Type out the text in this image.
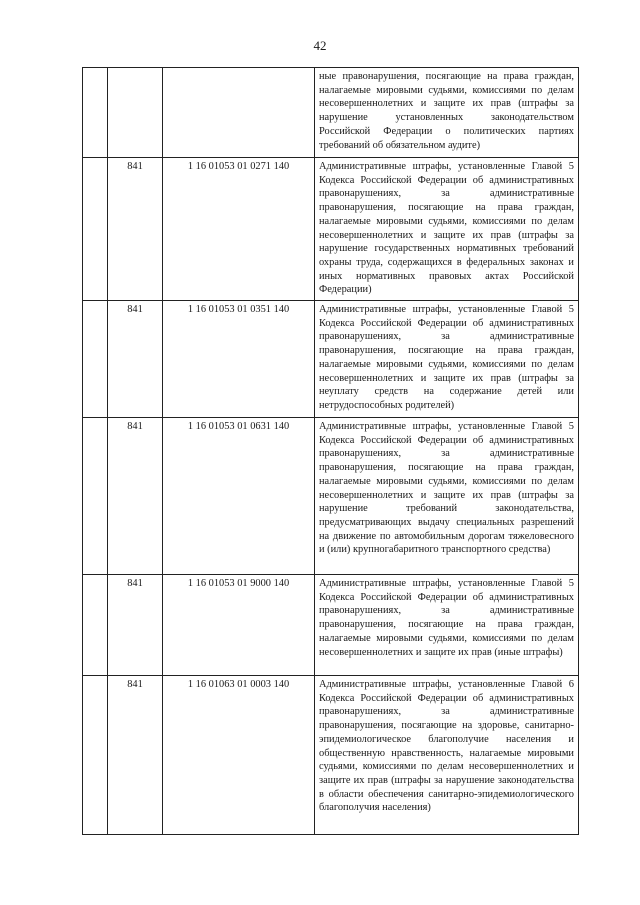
42
			ные правонарушения, посягающие на права граждан, налагаемые мировыми судьями, комиссиями по делам несовершеннолетних и защите их прав (штрафы за нарушение установленных законодательством Российской Федерации о политических партиях требований об обязательном аудите)
	841	1 16 01053 01 0271 140	Административные штрафы, установленные Главой 5 Кодекса Российской Федерации об административных правонарушениях, за административные правонарушения, посягающие на права граждан, налагаемые мировыми судьями, комиссиями по делам несовершеннолетних и защите их прав (штрафы за нарушение государственных нормативных требований охраны труда, содержащихся в федеральных законах и иных нормативных правовых актах Российской Федерации)
	841	1 16 01053 01 0351 140	Административные штрафы, установленные Главой 5 Кодекса Российской Федерации об административных правонарушениях, за административные правонарушения, посягающие на права граждан, налагаемые мировыми судьями, комиссиями по делам несовершеннолетних и защите их прав (штрафы за неуплату средств на содержание детей или нетрудоспособных родителей)
	841	1 16 01053 01 0631 140	Административные штрафы, установленные Главой 5 Кодекса Российской Федерации об административных правонарушениях, за административные правонарушения, посягающие на права граждан, налагаемые мировыми судьями, комиссиями по делам несовершеннолетних и защите их прав (штрафы за нарушение требований законодательства, предусматривающих выдачу специальных разрешений на движение по автомобильным дорогам тяжеловесного и (или) крупногабаритного транспортного средства)
	841	1 16 01053 01 9000 140	Административные штрафы, установленные Главой 5 Кодекса Российской Федерации об административных правонарушениях, за административные правонарушения, посягающие на права граждан, налагаемые мировыми судьями, комиссиями по делам несовершеннолетних и защите их прав (иные штрафы)
	841	1 16 01063 01 0003 140	Административные штрафы, установленные Главой 6 Кодекса Российской Федерации об административных правонарушениях, за административные правонарушения, посягающие на здоровье, санитарно-эпидемиологическое благополучие населения и общественную нравственность, налагаемые мировыми судьями, комиссиями по делам несовершеннолетних и защите их прав (штрафы за нарушение законодательства в области обеспечения санитарно-эпидемиологического благополучия населения)
